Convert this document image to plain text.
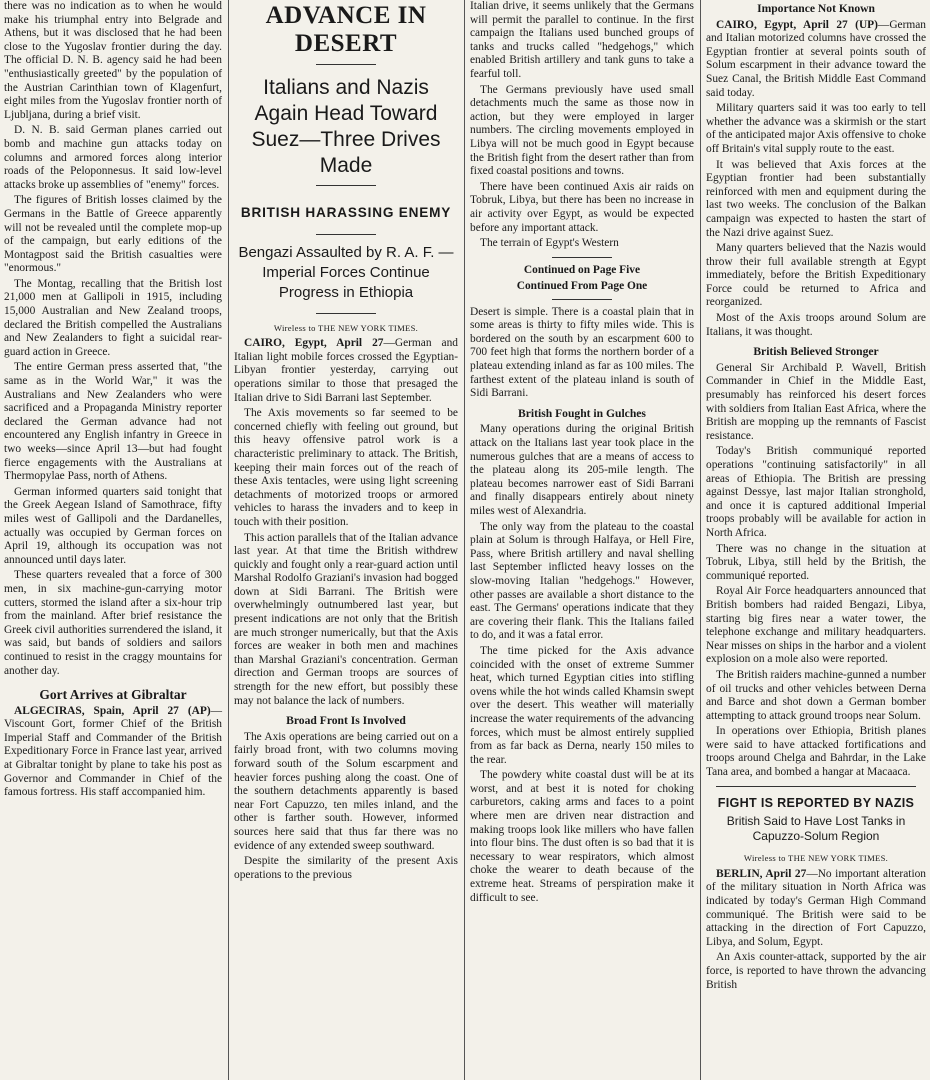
there was no indication as to when he would make his triumphal entry into Belgrade and Athens, but it was disclosed that he had been close to the Yugoslav frontier during the day. The official D. N. B. agency said he had been "enthusiastically greeted" by the population of the Austrian Carinthian town of Klagenfurt, eight miles from the Yugoslav frontier north of Ljubljana, during a brief visit.

D. N. B. said German planes carried out bomb and machine gun attacks today on columns and armored forces along interior roads of the Peloponnesus. It said low-level attacks broke up assemblies of "enemy" forces.

The figures of British losses claimed by the Germans in the Battle of Greece apparently will not be revealed until the complete mop-up of the campaign, but early editions of the Montagpost said the British casualties were "enormous."

The Montag, recalling that the British lost 21,000 men at Gallipoli in 1915, including 15,000 Australian and New Zealand troops, declared the British compelled the Australians and New Zealanders to fight a suicidal rear-guard action in Greece.

The entire German press asserted that, "the same as in the World War," it was the Australians and New Zealanders who were sacrificed and a Propaganda Ministry reporter declared the German advance had not encountered any English infantry in Greece in two weeks—since April 13—but had fought fierce engagements with the Australians at Thermopylae Pass, north of Athens.

German informed quarters said tonight that the Greek Aegean Island of Samothrace, fifty miles west of Gallipoli and the Dardanelles, actually was occupied by German forces on April 19, although its occupation was not announced until days later.

These quarters revealed that a force of 300 men, in six machine-gun-carrying motor cutters, stormed the island after a six-hour trip from the mainland. After brief resistance the Greek civil authorities surrendered the island, it was said, but bands of soldiers and sailors continued to resist in the craggy mountains for another day.

Gort Arrives at Gibraltar

ALGECIRAS, Spain, April 27 (AP)—Viscount Gort, former Chief of the British Imperial Staff and Commander of the British Expeditionary Force in France last year, arrived at Gibraltar tonight by plane to take his post as Governor and Commander in Chief of the famous fortress. His staff accompanied him.

ADVANCE IN DESERT
Italians and Nazis Again Head Toward Suez—Three Drives Made
BRITISH HARASSING ENEMY
Bengazi Assaulted by R. A. F. —Imperial Forces Continue Progress in Ethiopia
Wireless to THE NEW YORK TIMES.

CAIRO, Egypt, April 27—German and Italian light mobile forces crossed the Egyptian-Libyan frontier yesterday, carrying out operations similar to those that presaged the Italian drive to Sidi Barrani last September.

The Axis movements so far seemed to be concerned chiefly with feeling out ground, but this heavy offensive patrol work is a characteristic preliminary to attack. The British, keeping their main forces out of the reach of these Axis tentacles, were using light screening detachments of motorized troops or armored vehicles to harass the invaders and to keep in touch with their position.

This action parallels that of the Italian advance last year. At that time the British withdrew quickly and fought only a rear-guard action until Marshal Rodolfo Graziani's invasion had bogged down at Sidi Barrani. The British were overwhelmingly outnumbered last year, but present indications are not only that the British are much stronger numerically, but that the Axis forces are weaker in both men and machines than Marshal Graziani's concentration. German direction and German troops are sources of strength for the new effort, but possibly these may not balance the lack of numbers.

Broad Front Is Involved

The Axis operations are being carried out on a fairly broad front, with two columns moving forward south of the Solum escarpment and heavier forces pushing along the coast. One of the southern detachments apparently is based near Fort Capuzzo, ten miles inland, and the other is farther south. However, informed sources here said that thus far there was no evidence of any extended sweep southward.

Despite the similarity of the present Axis operations to the previous

Italian drive, it seems unlikely that the Germans will permit the parallel to continue. In the first campaign the Italians used bunched groups of tanks and trucks called "hedgehogs," which enabled British artillery and tank guns to take a fearful toll.

The Germans previously have used small detachments much the same as those now in action, but they were employed in larger numbers. The circling movements employed in Libya will not be much good in Egypt because the British fight from the desert rather than from fixed coastal positions and towns.

There have been continued Axis air raids on Tobruk, Libya, but there has been no increase in air activity over Egypt, as would be expected before any important attack.

The terrain of Egypt's Western

Continued on Page Five
Continued From Page One

Desert is simple. There is a coastal plain that in some areas is thirty to fifty miles wide. This is bordered on the south by an escarpment 600 to 700 feet high that forms the northern border of a plateau extending inland as far as 100 miles. The farthest extent of the plateau inland is south of Sidi Barrani.

British Fought in Gulches

Many operations during the original British attack on the Italians last year took place in the numerous gulches that are a means of access to the plateau along its 205-mile length. The plateau becomes narrower east of Sidi Barrani and finally disappears entirely about ninety miles west of Alexandria.

The only way from the plateau to the coastal plain at Solum is through Halfaya, or Hell Fire, Pass, where British artillery and naval shelling last September inflicted heavy losses on the slow-moving Italian "hedgehogs." However, other passes are available a short distance to the east. The Germans' operations indicate that they are covering their flank. This the Italians failed to do, and it was a fatal error.

The time picked for the Axis advance coincided with the onset of extreme Summer heat, which turned Egyptian cities into stifling ovens while the hot winds called Khamsin swept over the desert. This weather will materially increase the water requirements of the advancing forces, which must be almost entirely supplied from as far back as Derna, nearly 150 miles to the rear.

The powdery white coastal dust will be at its worst, and at best it is noted for choking carburetors, caking arms and faces to a point where men are driven near distraction and making troops look like millers who have fallen into flour bins. The dust often is so bad that it is necessary to wear respirators, which almost choke the wearer to death because of the extreme heat. Streams of perspiration make it difficult to see.

Importance Not Known

CAIRO, Egypt, April 27 (UP)—German and Italian motorized columns have crossed the Egyptian frontier at several points south of Solum escarpment in their advance toward the Suez Canal, the British Middle East Command said today.

Military quarters said it was too early to tell whether the advance was a skirmish or the start of the anticipated major Axis offensive to choke off Britain's vital supply route to the east.

It was believed that Axis forces at the Egyptian frontier had been substantially reinforced with men and equipment during the last two weeks. The conclusion of the Balkan campaign was expected to hasten the start of the Nazi drive against Suez.

Many quarters believed that the Nazis would throw their full available strength at Egypt immediately, before the British Expeditionary Force could be returned to Africa and reorganized.

Most of the Axis troops around Solum are Italians, it was thought.

British Believed Stronger

General Sir Archibald P. Wavell, British Commander in Chief in the Middle East, presumably has reinforced his desert forces with soldiers from Italian East Africa, where the British are mopping up the remnants of Fascist resistance.

Today's British communiqué reported operations "continuing satisfactorily" in all areas of Ethiopia. The British are pressing against Dessye, last major Italian stronghold, and once it is captured additional Imperial troops probably will be available for action in North Africa.

There was no change in the situation at Tobruk, Libya, still held by the British, the communiqué reported.

Royal Air Force headquarters announced that British bombers had raided Bengazi, Libya, starting big fires near a water tower, the telephone exchange and military headquarters. Near misses on ships in the harbor and a violent explosion on a mole also were reported.

The British raiders machine-gunned a number of oil trucks and other vehicles between Derna and Barce and shot down a German bomber attempting to attack ground troops near Solum.

In operations over Ethiopia, British planes were said to have attacked fortifications and troops around Chelga and Bahrdar, in the Lake Tana area, and bombed a hangar at Macaaca.

FIGHT IS REPORTED BY NAZIS
British Said to Have Lost Tanks in Capuzzo-Solum Region
Wireless to THE NEW YORK TIMES.

BERLIN, April 27—No important alteration of the military situation in North Africa was indicated by today's German High Command communiqué. The British were said to be attacking in the direction of Fort Capuzzo, Libya, and Solum, Egypt.

An Axis counter-attack, supported by the air force, is reported to have thrown the advancing British
